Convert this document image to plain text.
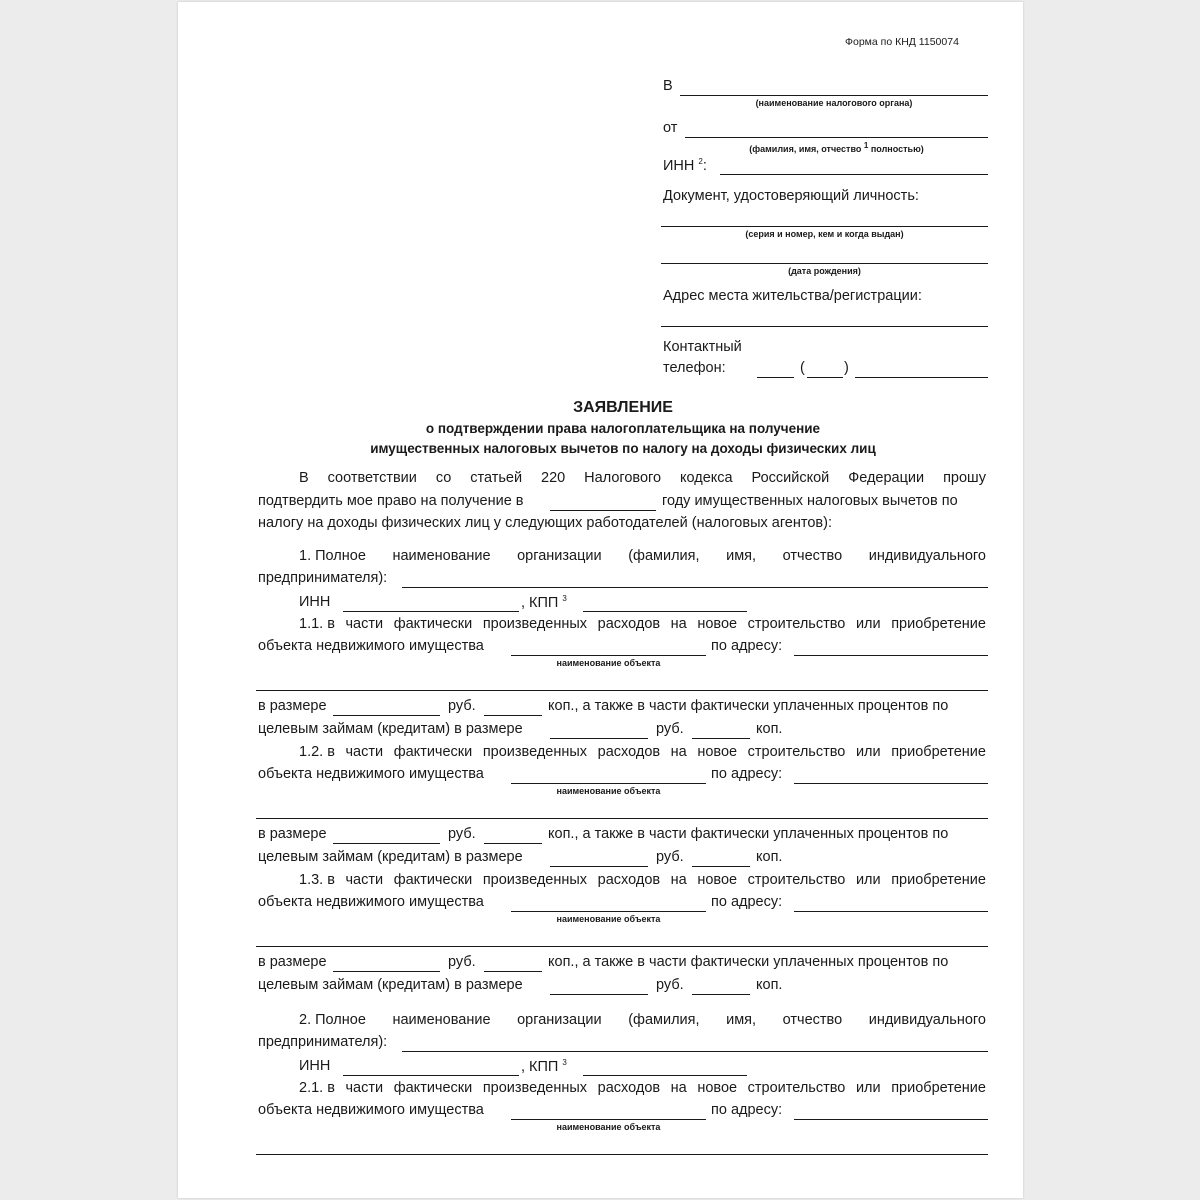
Форма по КНД 1150074
В
(наименование налогового органа)
от
(фамилия, имя, отчество $^1$ полностью)
ИНН $^2$:
Документ, удостоверяющий личность:
(серия и номер, кем и когда выдан)
(дата рождения)
Адрес места жительства/регистрации:
Контактный
телефон:	(	)
ЗАЯВЛЕНИЕ
о подтверждении права налогоплательщика на получение
имущественных налоговых вычетов по налогу на доходы физических лиц
В соответствии со статьей 220 Налогового кодекса Российской Федерации прошу
подтвердить мое право на получение в	году имущественных налоговых вычетов по
налогу на доходы физических лиц у следующих работодателей (налоговых агентов):
1. Полное наименование организации (фамилия, имя, отчество индивидуального
предпринимателя):
ИНН	, КПП $^3$
1.1. в части фактически произведенных расходов на новое строительство или приобретение
объекта недвижимого имущества
наименование объекта
по адресу:
в размере	руб.	коп., а также в части фактически уплаченных процентов по
целевым займам (кредитам) в размере	руб.	коп.
1.2. в части фактически произведенных расходов на новое строительство или приобретение
объекта недвижимого имущества
наименование объекта
по адресу:
в размере	руб.	коп., а также в части фактически уплаченных процентов по
целевым займам (кредитам) в размере	руб.	коп.
1.3. в части фактически произведенных расходов на новое строительство или приобретение
объекта недвижимого имущества
наименование объекта
по адресу:
в размере	руб.	коп., а также в части фактически уплаченных процентов по
целевым займам (кредитам) в размере	руб.	коп.
2. Полное наименование организации (фамилия, имя, отчество индивидуального
предпринимателя):
ИНН	, КПП $^3$
2.1. в части фактически произведенных расходов на новое строительство или приобретение
объекта недвижимого имущества
наименование объекта
по адресу:
